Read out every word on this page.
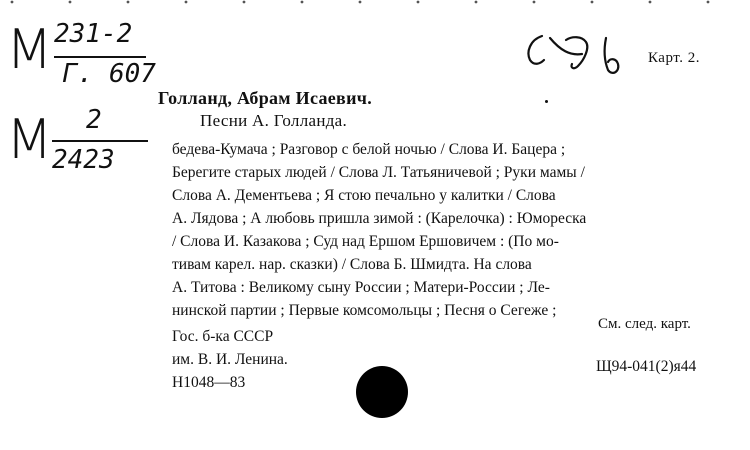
М 231-2
Г. 607
М 2
2423
Карт. 2.
Голланд, Абрам Исаевич.
Песни А. Голланда.
бедева-Кумача ; Разговор с белой ночью / Слова И. Бацера ;
Берегите старых людей / Слова Л. Татьяничевой ; Руки мамы /
Слова А. Дементьева ; Я стою печально у калитки / Слова
А. Лядова ; А любовь пришла зимой : (Карелочка) : Юмореска
/ Слова И. Казакова ; Суд над Ершом Ершовичем : (По мо-
тивам карел. нар. сказки) / Слова Б. Шмидта. На слова
А. Титова : Великому сыну России ; Матери-России ; Ле-
нинской партии ; Первые комсомольцы ; Песня о Сегеже ;
См. след. карт.
Гос. б-ка СССР
им. В. И. Ленина.
Н1048—83
Щ94-041(2)я44
